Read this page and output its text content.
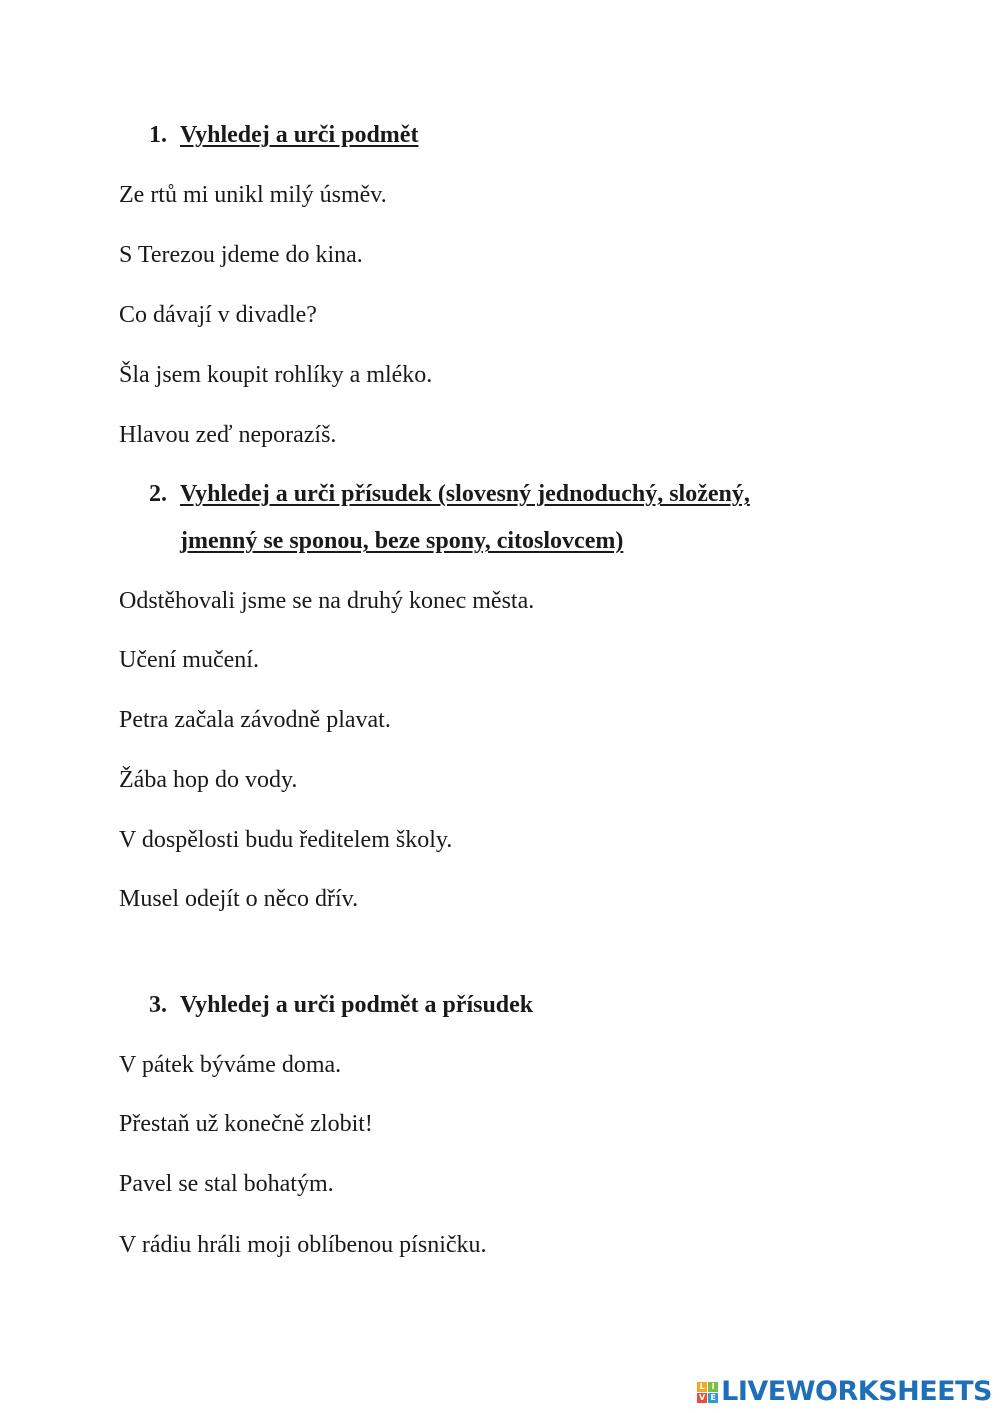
1. Vyhledej a urči podmět

Ze rtů mi unikl milý úsměv.

S Terezou jdeme do kina.

Co dávají v divadle?

Šla jsem koupit rohlíky a mléko.

Hlavou zeď neporazíš.

2. Vyhledej a urči přísudek (slovesný jednoduchý, složený,

jmenný se sponou, beze spony, citoslovcem)

Odstěhovali jsme se na druhý konec města.

Učení mučení.

Petra začala závodně plavat.

Žába hop do vody.

V dospělosti budu ředitelem školy.

Musel odejít o něco dřív.

3. Vyhledej a urči podmět a přísudek

V pátek býváme doma.

Přestaň už konečně zlobit!

Pavel se stal bohatým.

V rádiu hráli moji oblíbenou písničku.

L I
V E LIVEWORKSHEETS
